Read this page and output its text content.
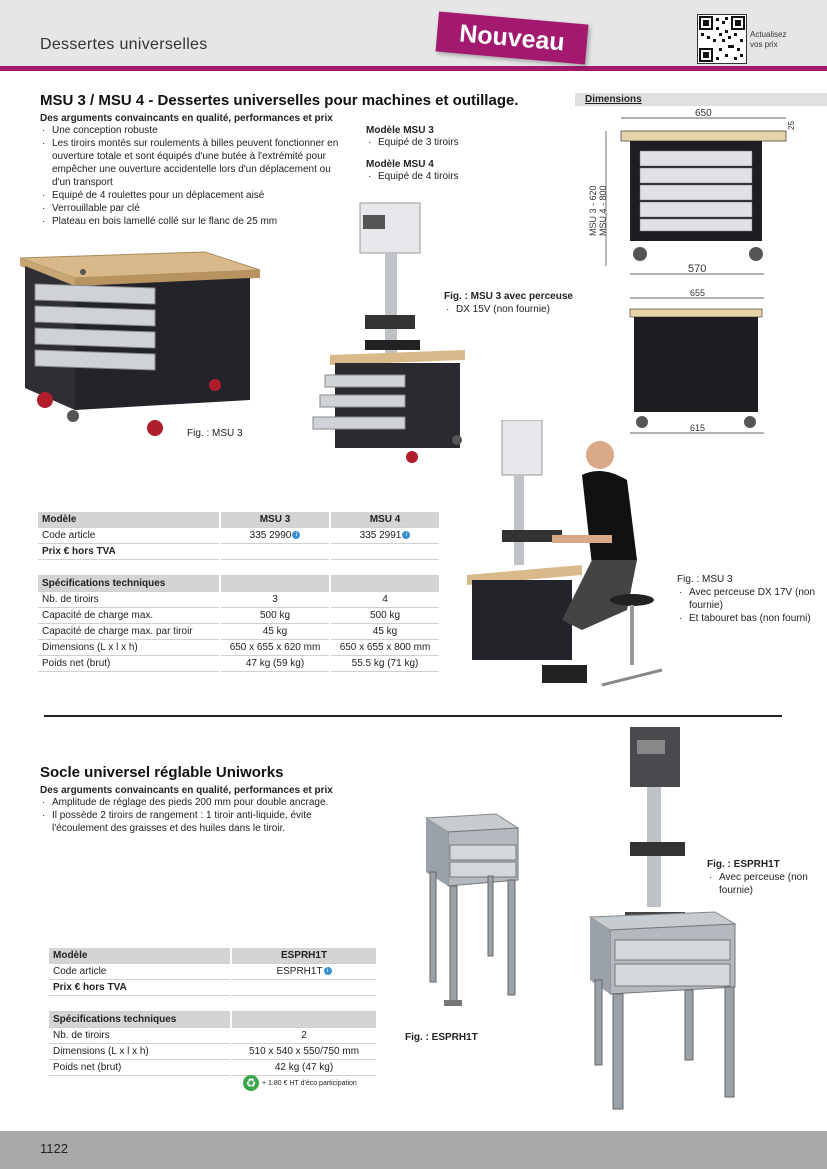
Dessertes universelles	Nouveau	Actualisez vos prix
MSU 3 / MSU 4 - Dessertes universelles pour machines et outillage.
Des arguments convaincants en qualité, performances et prix
· Une conception robuste
· Les tiroirs montés sur roulements à billes peuvent fonctionner en ouverture totale et sont équipés d'une butée à l'extrémité pour empêcher une ouverture accidentelle lors d'un déplacement ou d'un transport
· Equipé de 4 roulettes pour un déplacement aisé
· Verrouillable par clé
· Plateau en bois lamellé collé sur le flanc de 25 mm
Modèle MSU 3
· Equipé de 3 tiroirs
Modèle MSU 4
· Equipé de 4 tiroirs
Fig. : MSU 3
Fig. : MSU 3 avec perceuse
· DX 15V (non fournie)
Dimensions
650
25
MSU 3 - 620 MSU 4 - 800
570
655
615
Fig. : MSU 3
· Avec perceuse DX 17V (non fournie)
· Et tabouret bas (non fourni)
Modèle	MSU 3	MSU 4
Code article	335 2990 i	335 2991 i
Prix € hors TVA		

Spécifications techniques		
Nb. de tiroirs	3	4
Capacité de charge max.	500 kg	500 kg
Capacité de charge max. par tiroir	45 kg	45 kg
Dimensions (L x l x h)	650 x 655 x 620 mm	650 x 655 x 800 mm
Poids net (brut)	47 kg (59 kg)	55.5 kg (71 kg)
Socle universel réglable Uniworks
Des arguments convaincants en qualité, performances et prix
· Amplitude de réglage des pieds 200 mm pour double ancrage.
· Il possède 2 tiroirs de rangement : 1 tiroir anti-liquide, évite l'écoulement des graisses et des huiles dans le tiroir.
Fig. : ESPRH1T
Fig. : ESPRH1T
· Avec perceuse (non fournie)
Modèle	ESPRH1T
Code article	ESPRH1T i
Prix € hors TVA	

Spécifications techniques	
Nb. de tiroirs	2
Dimensions (L x l x h)	510 x 540 x 550/750 mm
Poids net (brut)	42 kg (47 kg)
♻ + 1.80 € HT d'éco participation
1122
